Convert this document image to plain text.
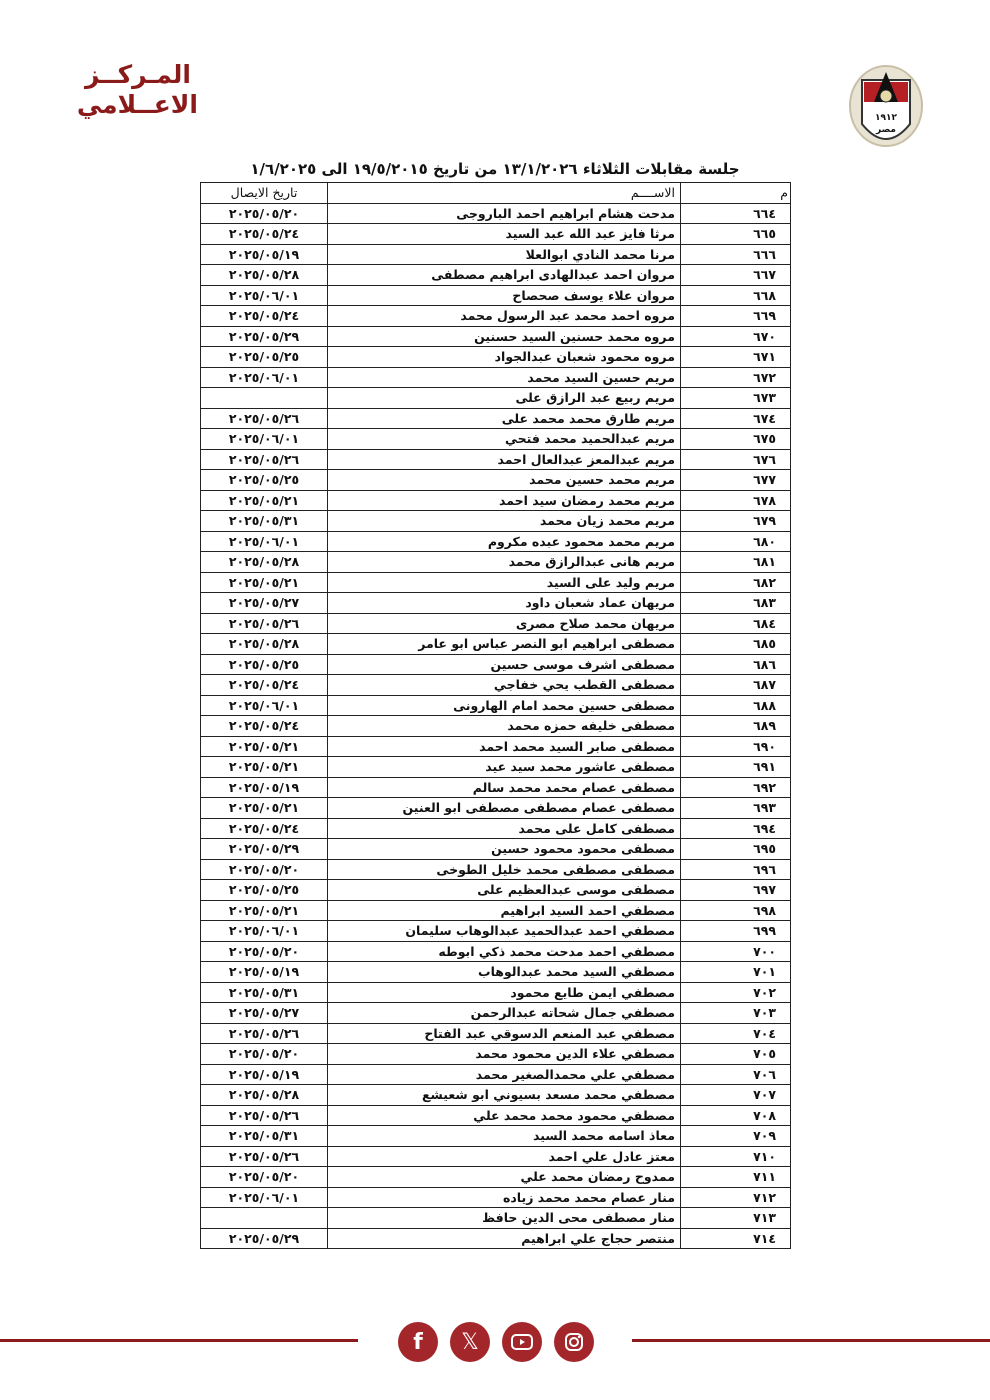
المـركــز
الاعــلامي	١٩١٢
مصر
جلسة مقابلات الثلاثاء ١٣/١/٢٠٢٦ من تاريخ ١٩/٥/٢٠١٥ الى ١/٦/٢٠٢٥
م	الاســــم	تاريخ الايصال
٦٦٤	مدحت هشام ابراهيم احمد الباروجى	٢٠٢٥/٠٥/٢٠
٦٦٥	مرثا فايز عبد الله عبد السيد	٢٠٢٥/٠٥/٢٤
٦٦٦	مرنا محمد النادي ابوالعلا	٢٠٢٥/٠٥/١٩
٦٦٧	مروان احمد عبدالهادى ابراهيم مصطفى	٢٠٢٥/٠٥/٢٨
٦٦٨	مروان علاء يوسف صحصاح	٢٠٢٥/٠٦/٠١
٦٦٩	مروه احمد محمد عبد الرسول محمد	٢٠٢٥/٠٥/٢٤
٦٧٠	مروه محمد حسنين السيد حسنين	٢٠٢٥/٠٥/٢٩
٦٧١	مروه محمود شعبان عبدالجواد	٢٠٢٥/٠٥/٢٥
٦٧٢	مريم حسين السيد محمد	٢٠٢٥/٠٦/٠١
٦٧٣	مريم ربيع عبد الرازق على	
٦٧٤	مريم طارق محمد محمد على	٢٠٢٥/٠٥/٢٦
٦٧٥	مريم عبدالحميد محمد فتحي	٢٠٢٥/٠٦/٠١
٦٧٦	مريم عبدالمعز عبدالعال احمد	٢٠٢٥/٠٥/٢٦
٦٧٧	مريم محمد حسين محمد	٢٠٢٥/٠٥/٢٥
٦٧٨	مريم محمد رمضان سيد احمد	٢٠٢٥/٠٥/٢١
٦٧٩	مريم محمد زيان محمد	٢٠٢٥/٠٥/٣١
٦٨٠	مريم محمد محمود عبده مكروم	٢٠٢٥/٠٦/٠١
٦٨١	مريم هانى عبدالرازق محمد	٢٠٢٥/٠٥/٢٨
٦٨٢	مريم وليد على السيد	٢٠٢٥/٠٥/٢١
٦٨٣	مريهان عماد شعبان داود	٢٠٢٥/٠٥/٢٧
٦٨٤	مريهان محمد صلاح مصرى	٢٠٢٥/٠٥/٢٦
٦٨٥	مصطفى ابراهيم ابو النصر عباس ابو عامر	٢٠٢٥/٠٥/٢٨
٦٨٦	مصطفى اشرف موسى حسين	٢٠٢٥/٠٥/٢٥
٦٨٧	مصطفى القطب يحي خفاجي	٢٠٢٥/٠٥/٢٤
٦٨٨	مصطفى حسين محمد امام الهارونى	٢٠٢٥/٠٦/٠١
٦٨٩	مصطفى خليفه حمزه محمد	٢٠٢٥/٠٥/٢٤
٦٩٠	مصطفى صابر السيد محمد احمد	٢٠٢٥/٠٥/٢١
٦٩١	مصطفى عاشور محمد سيد عيد	٢٠٢٥/٠٥/٢١
٦٩٢	مصطفى عصام محمد محمد سالم	٢٠٢٥/٠٥/١٩
٦٩٣	مصطفى عصام مصطفى مصطفى ابو العنين	٢٠٢٥/٠٥/٢١
٦٩٤	مصطفى كامل على محمد	٢٠٢٥/٠٥/٢٤
٦٩٥	مصطفى محمود محمود حسين	٢٠٢٥/٠٥/٢٩
٦٩٦	مصطفى مصطفى محمد خليل الطوخى	٢٠٢٥/٠٥/٢٠
٦٩٧	مصطفى موسى عبدالعظيم على	٢٠٢٥/٠٥/٢٥
٦٩٨	مصطفي احمد السيد ابراهيم	٢٠٢٥/٠٥/٢١
٦٩٩	مصطفي احمد عبدالحميد عبدالوهاب سليمان	٢٠٢٥/٠٦/٠١
٧٠٠	مصطفي احمد مدحت محمد ذكي ابوطه	٢٠٢٥/٠٥/٢٠
٧٠١	مصطفي السيد محمد عبدالوهاب	٢٠٢٥/٠٥/١٩
٧٠٢	مصطفي ايمن طايع محمود	٢٠٢٥/٠٥/٣١
٧٠٣	مصطفي جمال شحاته عبدالرحمن	٢٠٢٥/٠٥/٢٧
٧٠٤	مصطفي عبد المنعم الدسوقي عبد الفتاح	٢٠٢٥/٠٥/٢٦
٧٠٥	مصطفي علاء الدين محمود محمد	٢٠٢٥/٠٥/٢٠
٧٠٦	مصطفي علي محمدالصغير محمد	٢٠٢٥/٠٥/١٩
٧٠٧	مصطفي محمد مسعد بسيوني ابو شعيشع	٢٠٢٥/٠٥/٢٨
٧٠٨	مصطفي محمود محمد محمد علي	٢٠٢٥/٠٥/٢٦
٧٠٩	معاذ اسامه محمد السيد	٢٠٢٥/٠٥/٣١
٧١٠	معتز عادل علي احمد	٢٠٢٥/٠٥/٢٦
٧١١	ممدوح رمضان محمد علي	٢٠٢٥/٠٥/٢٠
٧١٢	منار عصام محمد محمد زياده	٢٠٢٥/٠٦/٠١
٧١٣	منار مصطفى محى الدين حافظ	
٧١٤	منتصر حجاج علي ابراهيم	٢٠٢٥/٠٥/٢٩
f 𝕏
